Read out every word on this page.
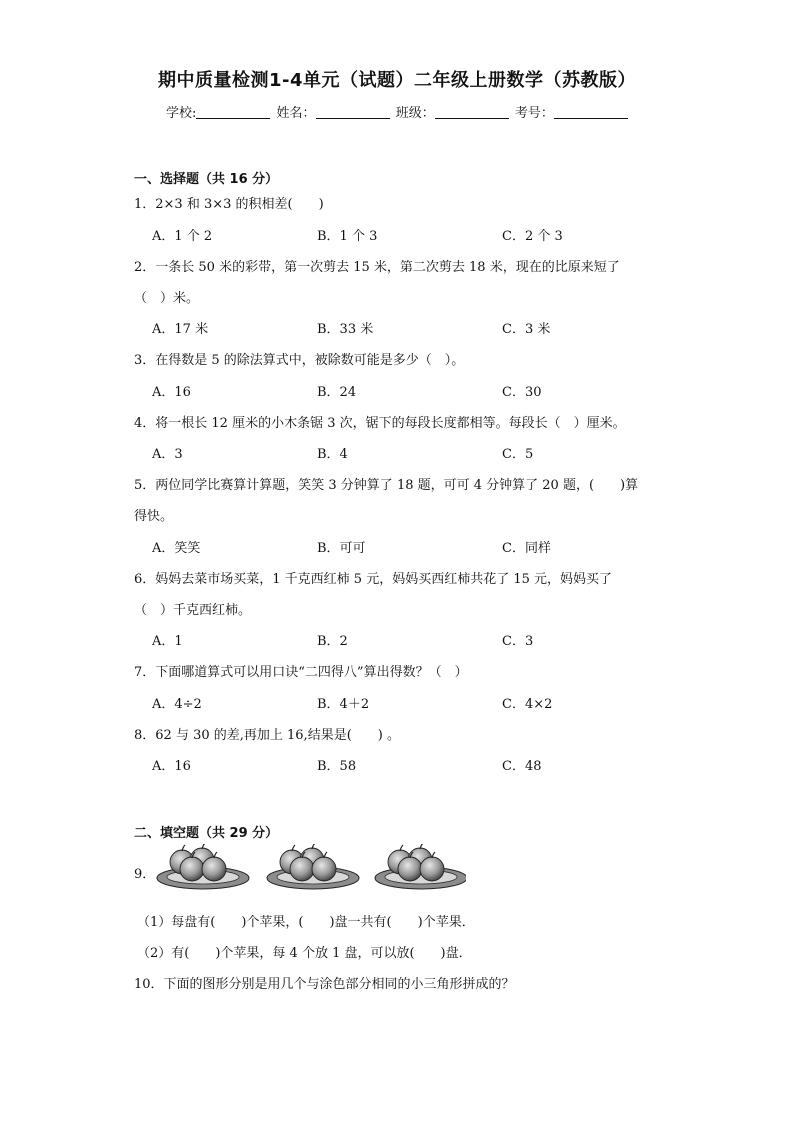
期中质量检测1-4单元（试题）二年级上册数学（苏教版）
学校:	姓名：	班级：	考号：
一、选择题（共 16 分）
1．2×3 和 3×3 的积相差(　　)
A．1 个 2	B．1 个 3	C．2 个 3
2．一条长 50 米的彩带，第一次剪去 15 米，第二次剪去 18 米，现在的比原来短了
（　）米。
A．17 米	B．33 米	C．3 米
3．在得数是 5 的除法算式中，被除数可能是多少（　）。
A．16	B．24	C．30
4．将一根长 12 厘米的小木条锯 3 次，锯下的每段长度都相等。每段长（　）厘米。
A．3	B．4	C．5
5．两位同学比赛算计算题，笑笑 3 分钟算了 18 题，可可 4 分钟算了 20 题，(　　)算
得快。
A．笑笑	B．可可	C．同样
6．妈妈去菜市场买菜，1 千克西红柿 5 元，妈妈买西红柿共花了 15 元，妈妈买了
（　）千克西红柿。
A．1	B．2	C．3
7．下面哪道算式可以用口诀“二四得八”算出得数？（　）
A．4÷2	B．4＋2	C．4×2
8．62 与 30 的差,再加上 16,结果是(　　) 。
A．16	B．58	C．48
二、填空题（共 29 分）
9．
（1）每盘有(　　)个苹果，(　　)盘一共有(　　)个苹果．
（2）有(　　)个苹果，每 4 个放 1 盘，可以放(　　)盘．
10．下面的图形分别是用几个与涂色部分相同的小三角形拼成的？
